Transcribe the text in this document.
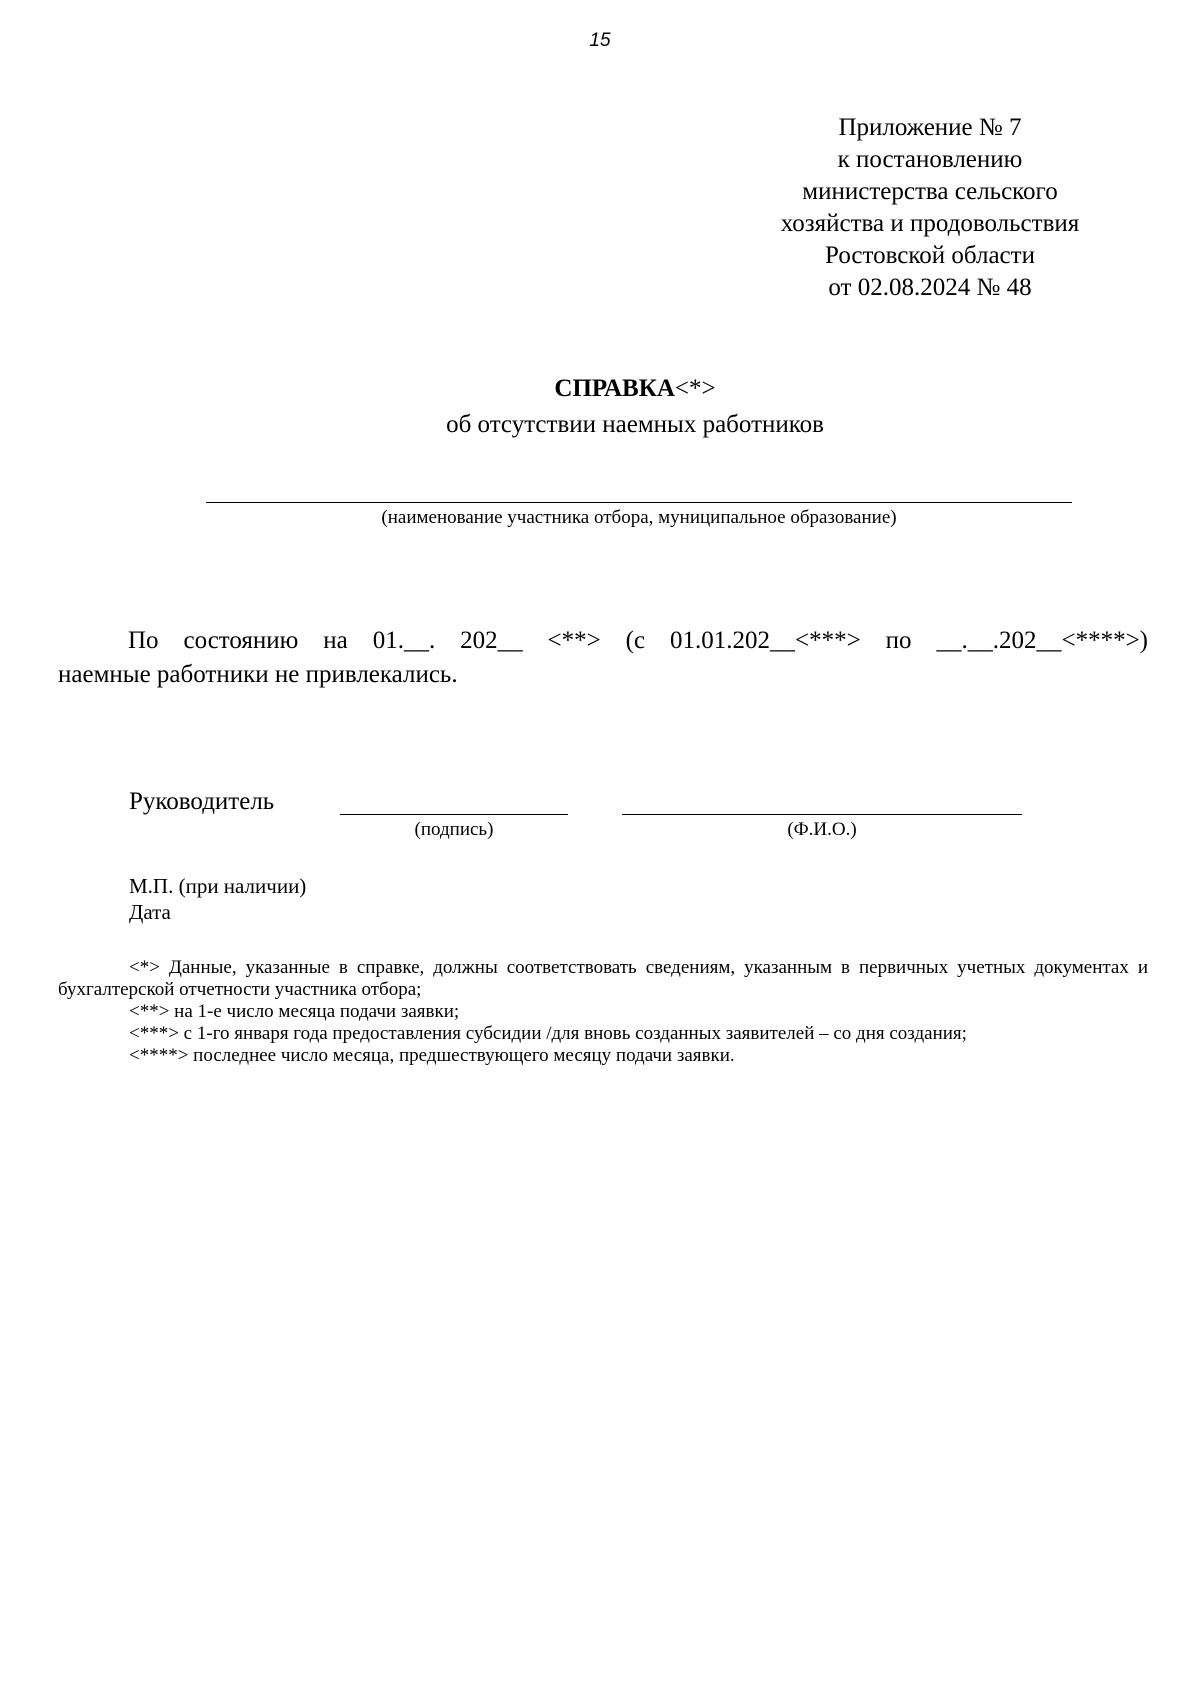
15
Приложение № 7
к постановлению
министерства сельского
хозяйства и продовольствия
Ростовской области
от 02.08.2024 № 48
СПРАВКА<*>
об отсутствии наемных работников
(наименование участника отбора, муниципальное образование)
По состоянию на 01.__. 202__ <**> (с 01.01.202__<***> по __.__.202__<****>)
наемные работники не привлекались.
Руководитель
(подпись)	(Ф.И.О.)
М.П. (при наличии)
Дата
<*> Данные, указанные в справке, должны соответствовать сведениям, указанным в первичных учетных документах и бухгалтерской отчетности участника отбора;
<**> на 1-е число месяца подачи заявки;
<***> с 1-го января года предоставления субсидии /для вновь созданных заявителей – со дня создания;
<****> последнее число месяца, предшествующего месяцу подачи заявки.
